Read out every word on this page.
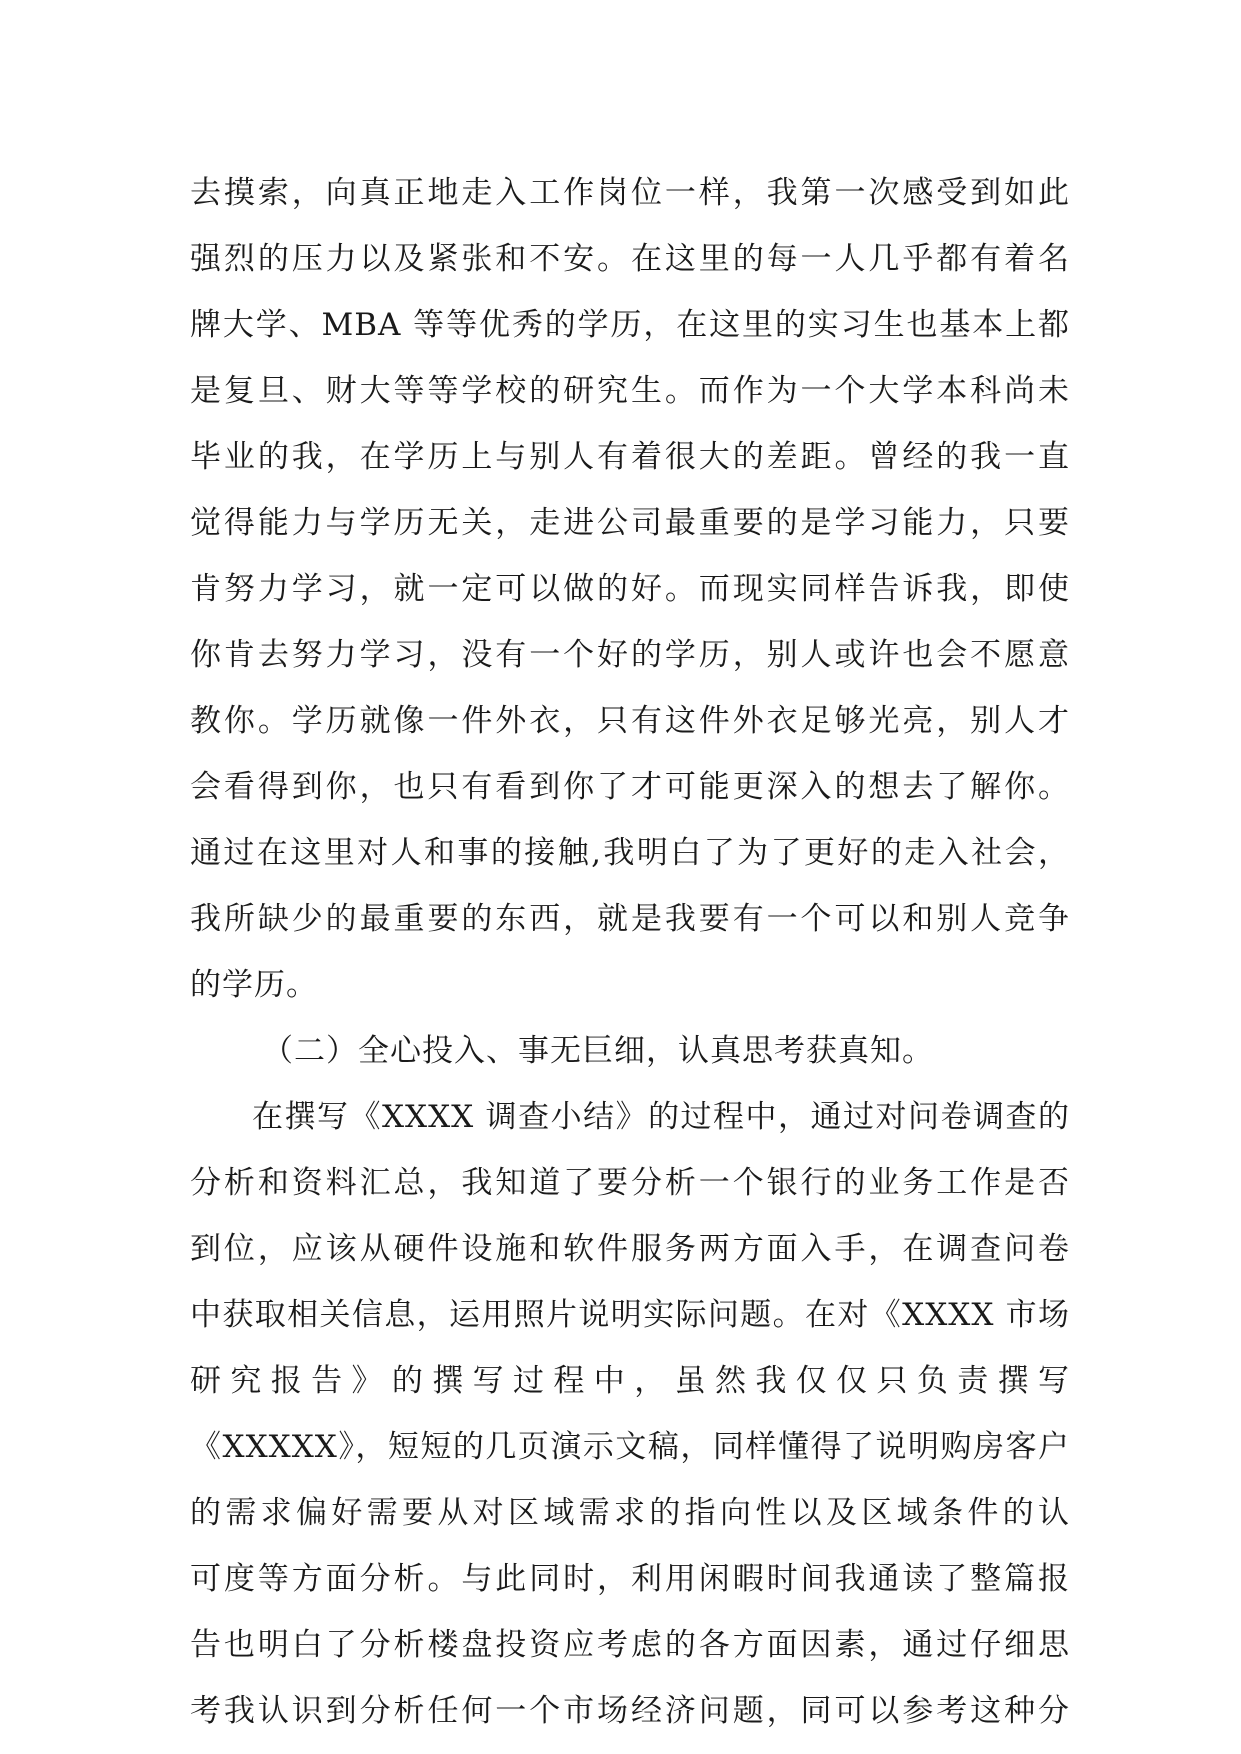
去摸索，向真正地走入工作岗位一样，我第一次感受到如此
强烈的压力以及紧张和不安。在这里的每一人几乎都有着名
牌大学、MBA 等等优秀的学历，在这里的实习生也基本上都
是复旦、财大等等学校的研究生。而作为一个大学本科尚未
毕业的我，在学历上与别人有着很大的差距。曾经的我一直
觉得能力与学历无关，走进公司最重要的是学习能力，只要
肯努力学习，就一定可以做的好。而现实同样告诉我，即使
你肯去努力学习，没有一个好的学历，别人或许也会不愿意
教你。学历就像一件外衣，只有这件外衣足够光亮，别人才
会看得到你，也只有看到你了才可能更深入的想去了解你。
通过在这里对人和事的接触,我明白了为了更好的走入社会，
我所缺少的最重要的东西，就是我要有一个可以和别人竞争
的学历。
（二）全心投入、事无巨细，认真思考获真知。
在撰写《XXXX 调查小结》的过程中，通过对问卷调查的
分析和资料汇总，我知道了要分析一个银行的业务工作是否
到位，应该从硬件设施和软件服务两方面入手，在调查问卷
中获取相关信息，运用照片说明实际问题。在对《XXXX 市场
研究报告》的撰写过程中，虽然我仅仅只负责撰写
《XXXXX》，短短的几页演示文稿，同样懂得了说明购房客户
的需求偏好需要从对区域需求的指向性以及区域条件的认
可度等方面分析。与此同时，利用闲暇时间我通读了整篇报
告也明白了分析楼盘投资应考虑的各方面因素，通过仔细思
考我认识到分析任何一个市场经济问题，同可以参考这种分
